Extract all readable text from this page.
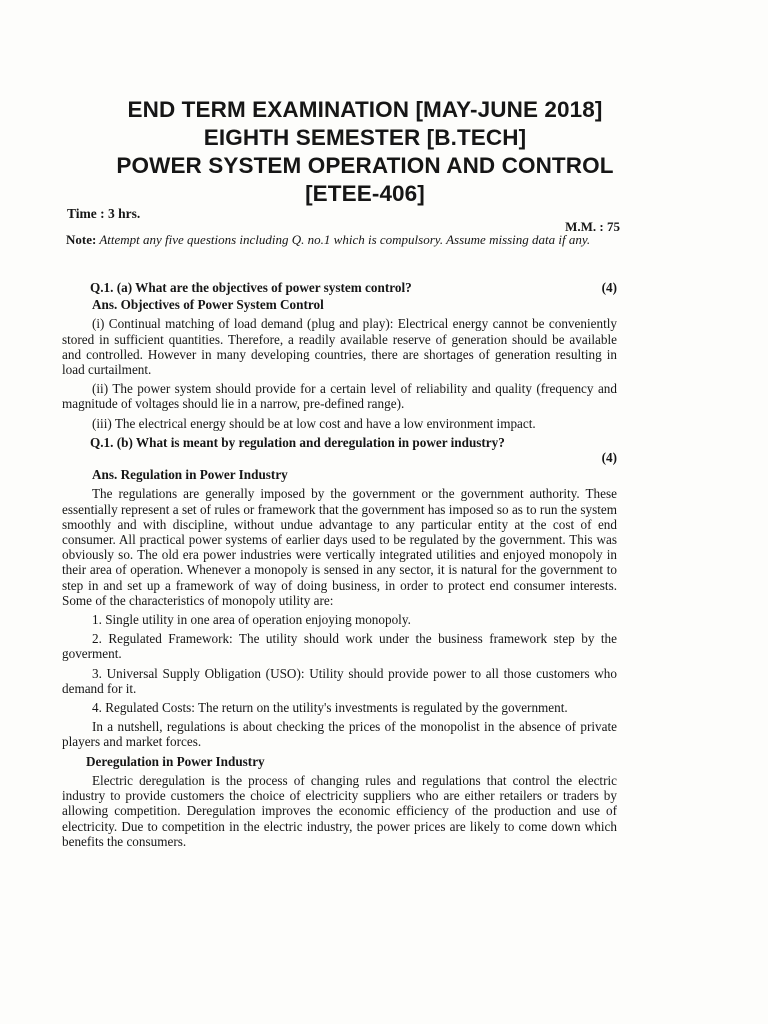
END TERM EXAMINATION [MAY-JUNE 2018]
EIGHTH SEMESTER [B.TECH]
POWER SYSTEM OPERATION AND CONTROL
[ETEE-406]
Time : 3 hrs.
M.M. : 75
Note: Attempt any five questions including Q. no.1 which is compulsory. Assume missing data if any.
Q.1. (a) What are the objectives of power system control?	(4)
Ans. Objectives of Power System Control

(i) Continual matching of load demand (plug and play): Electrical energy cannot be conveniently stored in sufficient quantities. Therefore, a readily available reserve of generation should be available and controlled. However in many developing countries, there are shortages of generation resulting in load curtailment.

(ii) The power system should provide for a certain level of reliability and quality (frequency and magnitude of voltages should lie in a narrow, pre-defined range).

(iii) The electrical energy should be at low cost and have a low environment impact.

Q.1. (b) What is meant by regulation and deregulation in power industry?

(4)

Ans. Regulation in Power Industry

The regulations are generally imposed by the government or the government authority. These essentially represent a set of rules or framework that the government has imposed so as to run the system smoothly and with discipline, without undue advantage to any particular entity at the cost of end consumer. All practical power systems of earlier days used to be regulated by the government. This was obviously so. The old era power industries were vertically integrated utilities and enjoyed monopoly in their area of operation. Whenever a monopoly is sensed in any sector, it is natural for the government to step in and set up a framework of way of doing business, in order to protect end consumer interests. Some of the characteristics of monopoly utility are:

1. Single utility in one area of operation enjoying monopoly.

2. Regulated Framework: The utility should work under the business framework step by the goverment.

3. Universal Supply Obligation (USO): Utility should provide power to all those customers who demand for it.

4. Regulated Costs: The return on the utility's investments is regulated by the government.

In a nutshell, regulations is about checking the prices of the monopolist in the absence of private players and market forces.

Deregulation in Power Industry

Electric deregulation is the process of changing rules and regulations that control the electric industry to provide customers the choice of electricity suppliers who are either retailers or traders by allowing competition. Deregulation improves the economic efficiency of the production and use of electricity. Due to competition in the electric industry, the power prices are likely to come down which benefits the consumers.
